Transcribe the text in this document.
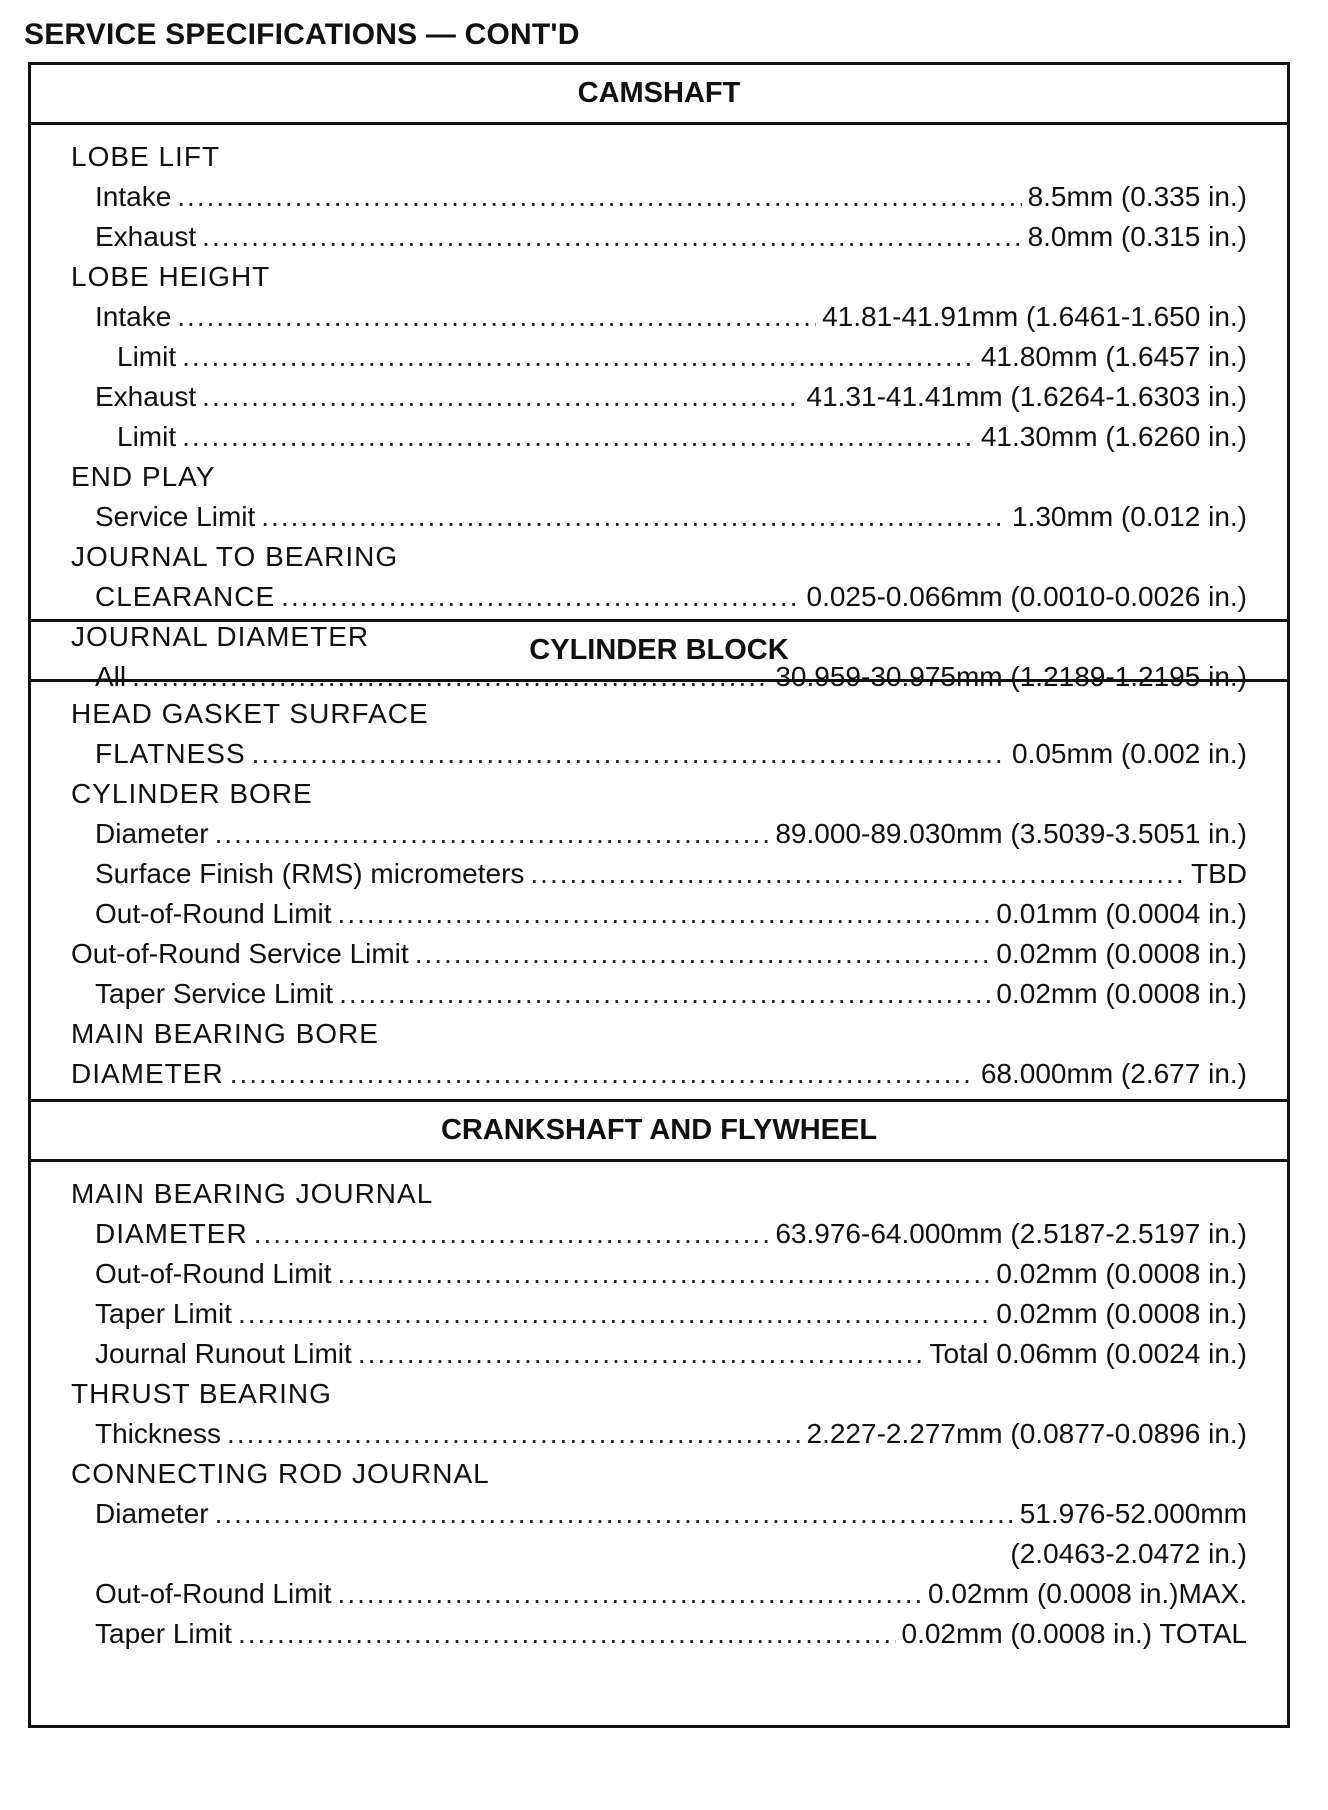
SERVICE SPECIFICATIONS — CONT'D
CAMSHAFT
LOBE LIFT
Intake .....	8.5mm (0.335 in.)
Exhaust .....	8.0mm (0.315 in.)
LOBE HEIGHT
Intake .....	41.81-41.91mm (1.6461-1.650 in.)
Limit .....	41.80mm (1.6457 in.)
Exhaust .....	41.31-41.41mm (1.6264-1.6303 in.)
Limit .....	41.30mm (1.6260 in.)
END PLAY
Service Limit .....	1.30mm (0.012 in.)
JOURNAL TO BEARING
CLEARANCE .....	0.025-0.066mm (0.0010-0.0026 in.)
JOURNAL DIAMETER
All .....	30.959-30.975mm (1.2189-1.2195 in.)
CYLINDER BLOCK
HEAD GASKET SURFACE
FLATNESS .....	0.05mm (0.002 in.)
CYLINDER BORE
Diameter .....	89.000-89.030mm (3.5039-3.5051 in.)
Surface Finish (RMS) micrometers .....	TBD
Out-of-Round Limit .....	0.01mm (0.0004 in.)
Out-of-Round Service Limit .....	0.02mm (0.0008 in.)
Taper Service Limit .....	0.02mm (0.0008 in.)
MAIN BEARING BORE
DIAMETER .....	68.000mm (2.677 in.)
CRANKSHAFT AND FLYWHEEL
MAIN BEARING JOURNAL
DIAMETER .....	63.976-64.000mm (2.5187-2.5197 in.)
Out-of-Round Limit .....	0.02mm (0.0008 in.)
Taper Limit .....	0.02mm (0.0008 in.)
Journal Runout Limit .....	Total 0.06mm (0.0024 in.)
THRUST BEARING
Thickness .....	2.227-2.277mm (0.0877-0.0896 in.)
CONNECTING ROD JOURNAL
Diameter .....	51.976-52.000mm
(2.0463-2.0472 in.)
Out-of-Round Limit .....	0.02mm (0.0008 in.)MAX.
Taper Limit .....	0.02mm (0.0008 in.) TOTAL
